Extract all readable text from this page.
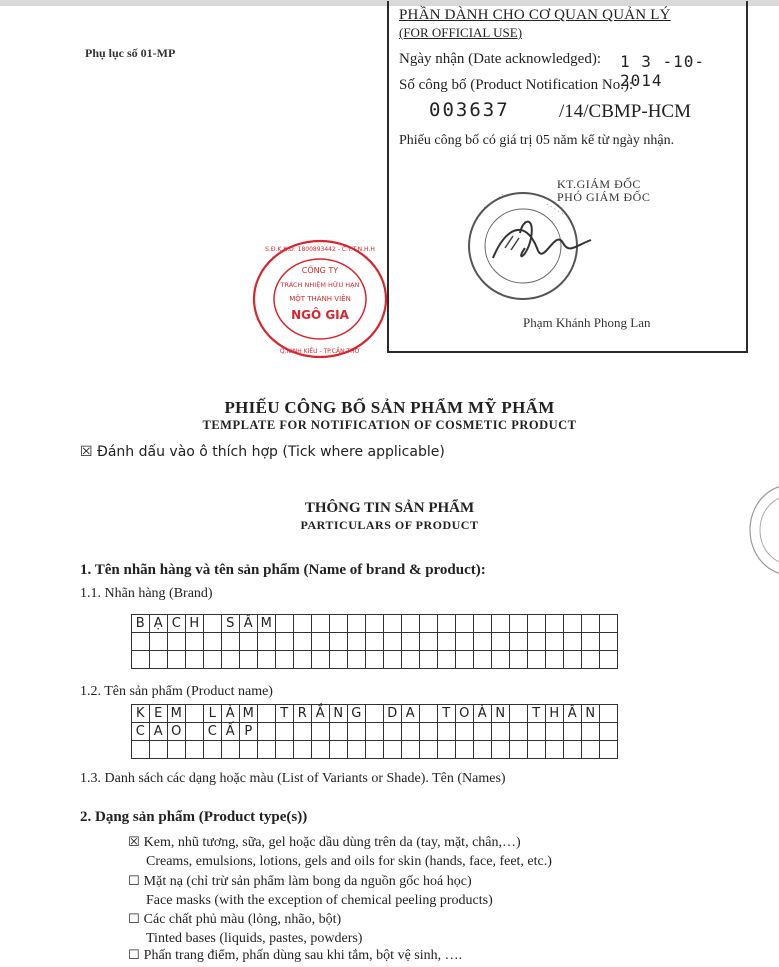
Phụ lục số 01-MP
PHẦN DÀNH CHO CƠ QUAN QUẢN LÝ
(FOR OFFICIAL USE)
Ngày nhận (Date acknowledged): 1 3 -10- 2014
Số công bố (Product Notification No.):
003637	/14/CBMP-HCM
Phiếu công bố có giá trị 05 năm kể từ ngày nhận.
KT.GIÁM ĐỐC
PHÓ GIÁM ĐỐC
Phạm Khánh Phong Lan
· · · · · ·	· · · · ·
CÔNG TY
TRÁCH NHIỆM HỮU HẠN
MỘT THÀNH VIÊN
NGÔ GIA
S.Đ.K.K.D: 1800893442 - C.T.T.N.H.H
Q.NINH KIỀU - TP.CẦN THƠ
PHIẾU CÔNG BỐ SẢN PHẨM MỸ PHẨM
TEMPLATE FOR NOTIFICATION OF COSMETIC PRODUCT
☒ Đánh dấu vào ô thích hợp (Tick where applicable)
THÔNG TIN SẢN PHẨM
PARTICULARS OF PRODUCT
1. Tên nhãn hàng và tên sản phẩm (Name of brand & product):
1.1. Nhãn hàng (Brand)
B	Ạ	C	H		S	Â	M																			

1.2. Tên sản phẩm (Product name)
K	E	M		L	À	M		T	R	Ắ	N	G		D	A		T	O	À	N		T	H	Â	N	
C	A	O		C	Ấ	P																				

1.3. Danh sách các dạng hoặc màu (List of Variants or Shade). Tên (Names)
2. Dạng sản phẩm (Product type(s))
☒ Kem, nhũ tương, sữa, gel hoặc dầu dùng trên da (tay, mặt, chân,…)
Creams, emulsions, lotions, gels and oils for skin (hands, face, feet, etc.)
☐ Mặt nạ (chỉ trừ sản phẩm làm bong da nguồn gốc hoá học)
Face masks (with the exception of chemical peeling products)
☐ Các chất phủ màu (lỏng, nhão, bột)
Tinted bases (liquids, pastes, powders)
☐ Phấn trang điểm, phấn dùng sau khi tắm, bột vệ sinh, ….
